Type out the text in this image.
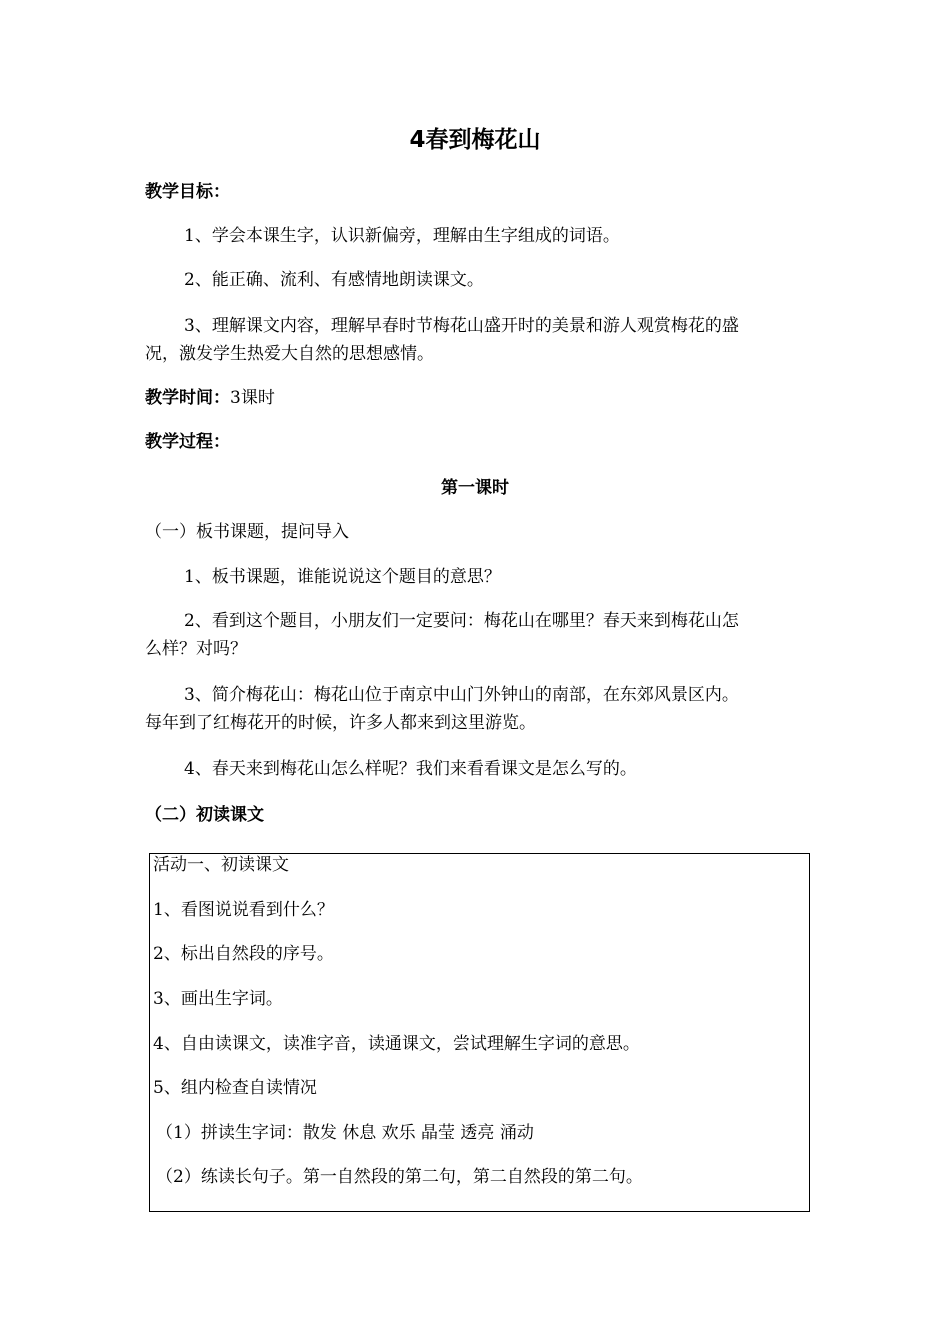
4春到梅花山
教学目标：
1、学会本课生字，认识新偏旁，理解由生字组成的词语。
2、能正确、流利、有感情地朗读课文。
3、理解课文内容，理解早春时节梅花山盛开时的美景和游人观赏梅花的盛
况，激发学生热爱大自然的思想感情。
教学时间：3课时
教学过程：
第一课时
（一）板书课题，提问导入
1、板书课题，谁能说说这个题目的意思？
2、看到这个题目，小朋友们一定要问：梅花山在哪里？春天来到梅花山怎
么样？对吗？
3、简介梅花山：梅花山位于南京中山门外钟山的南部，在东郊风景区内。
每年到了红梅花开的时候，许多人都来到这里游览。
4、春天来到梅花山怎么样呢？我们来看看课文是怎么写的。
（二）初读课文
活动一、初读课文
1、看图说说看到什么？
2、标出自然段的序号。
3、画出生字词。
4、自由读课文，读准字音，读通课文，尝试理解生字词的意思。
5、组内检查自读情况
（1）拼读生字词：散发 休息 欢乐 晶莹 透亮 涌动
（2）练读长句子。第一自然段的第二句，第二自然段的第二句。
